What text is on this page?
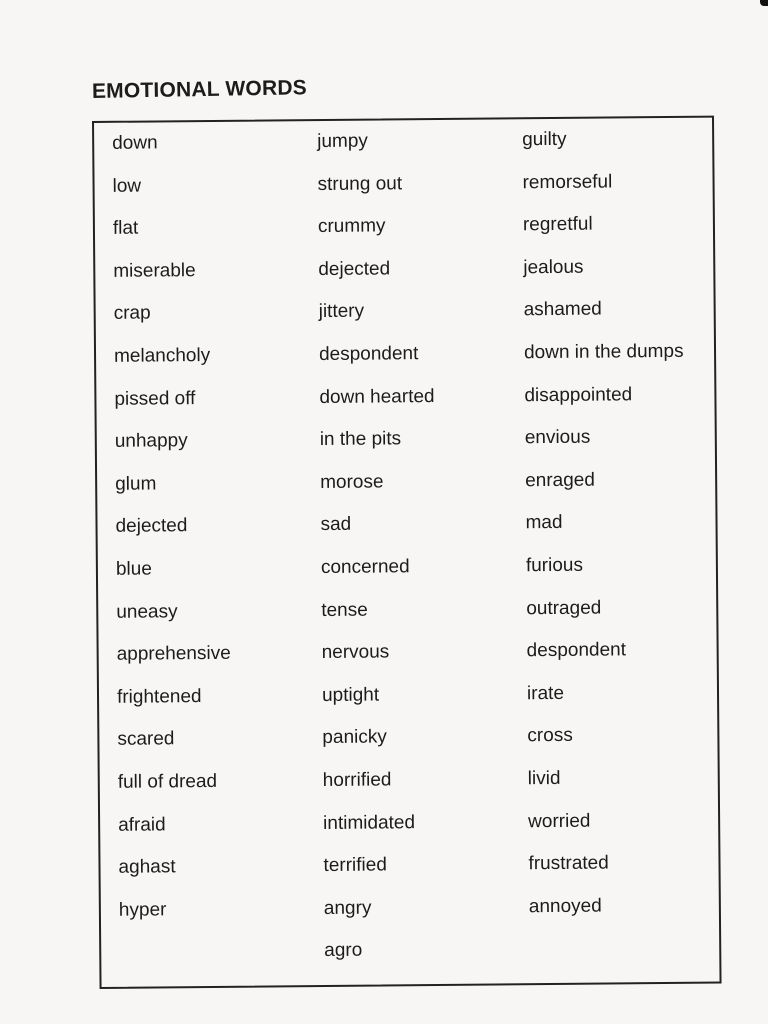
EMOTIONAL WORDS
down
low
flat
miserable
crap
melancholy
pissed off
unhappy
glum
dejected
blue
uneasy
apprehensive
frightened
scared
full of dread
afraid
aghast
hyper
jumpy
strung out
crummy
dejected
jittery
despondent
down hearted
in the pits
morose
sad
concerned
tense
nervous
uptight
panicky
horrified
intimidated
terrified
angry
agro
guilty
remorseful
regretful
jealous
ashamed
down in the dumps
disappointed
envious
enraged
mad
furious
outraged
despondent
irate
cross
livid
worried
frustrated
annoyed
